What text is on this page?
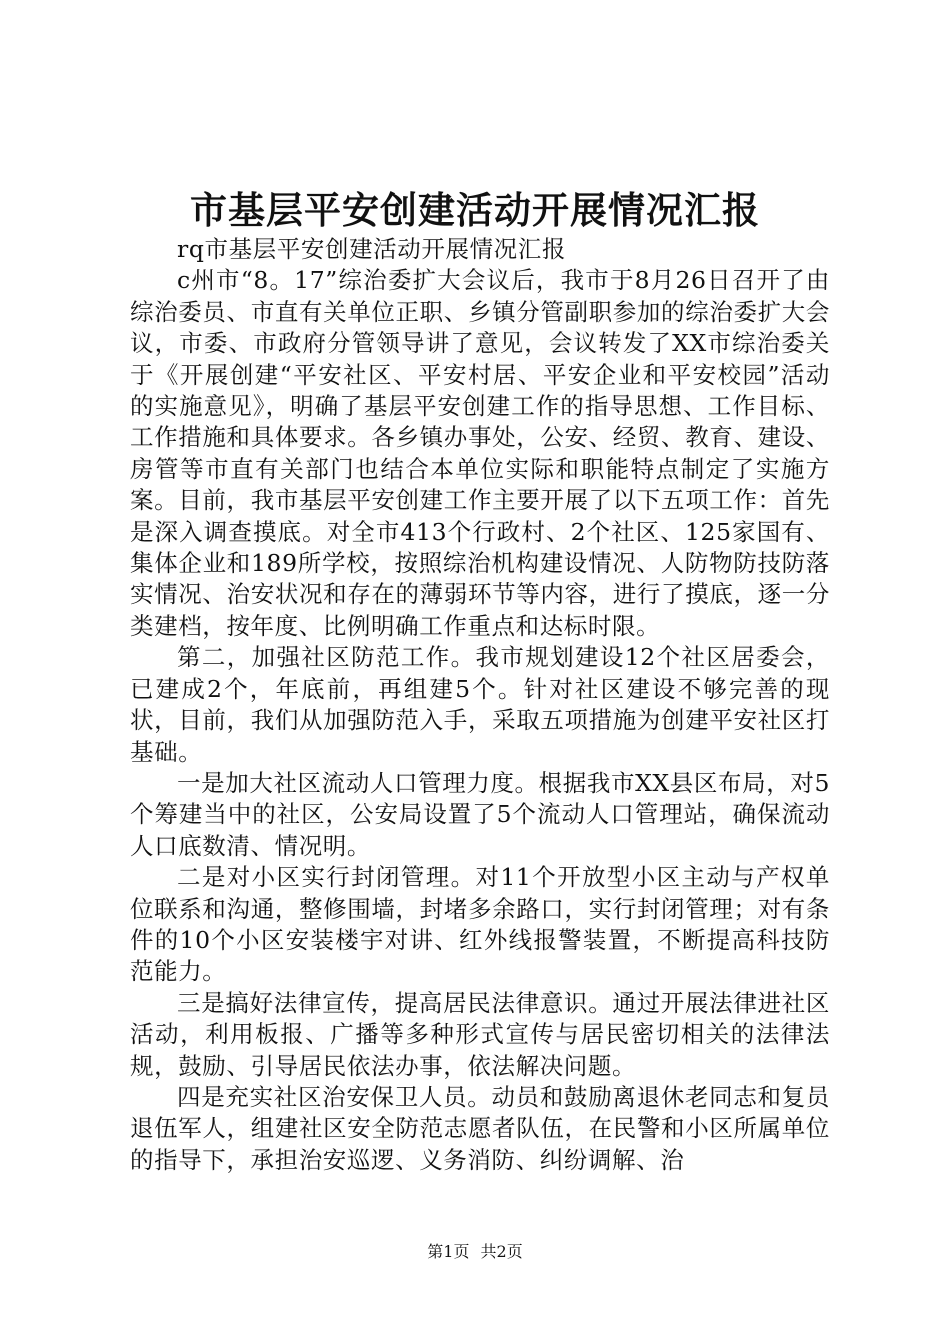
市基层平安创建活动开展情况汇报

rq市基层平安创建活动开展情况汇报

c州市“8。17”综治委扩大会议后，我市于8月26日召开了由综治委员、市直有关单位正职、乡镇分管副职参加的综治委扩大会议，市委、市政府分管领导讲了意见，会议转发了XX市综治委关于《开展创建“平安社区、平安村居、平安企业和平安校园”活动的实施意见》，明确了基层平安创建工作的指导思想、工作目标、工作措施和具体要求。各乡镇办事处，公安、经贸、教育、建设、房管等市直有关部门也结合本单位实际和职能特点制定了实施方案。目前，我市基层平安创建工作主要开展了以下五项工作：首先是深入调查摸底。对全市413个行政村、2个社区、125家国有、集体企业和189所学校，按照综治机构建设情况、人防物防技防落实情况、治安状况和存在的薄弱环节等内容，进行了摸底，逐一分类建档，按年度、比例明确工作重点和达标时限。

第二，加强社区防范工作。我市规划建设12个社区居委会，已建成2个，年底前，再组建5个。针对社区建设不够完善的现状，目前，我们从加强防范入手，采取五项措施为创建平安社区打基础。

一是加大社区流动人口管理力度。根据我市XX县区布局，对5个筹建当中的社区，公安局设置了5个流动人口管理站，确保流动人口底数清、情况明。

二是对小区实行封闭管理。对11个开放型小区主动与产权单位联系和沟通，整修围墙，封堵多余路口，实行封闭管理；对有条件的10个小区安装楼宇对讲、红外线报警装置，不断提高科技防范能力。

三是搞好法律宣传，提高居民法律意识。通过开展法律进社区活动，利用板报、广播等多种形式宣传与居民密切相关的法律法规，鼓励、引导居民依法办事，依法解决问题。

四是充实社区治安保卫人员。动员和鼓励离退休老同志和复员退伍军人，组建社区安全防范志愿者队伍，在民警和小区所属单位的指导下，承担治安巡逻、义务消防、纠纷调解、治

第1页 共2页
